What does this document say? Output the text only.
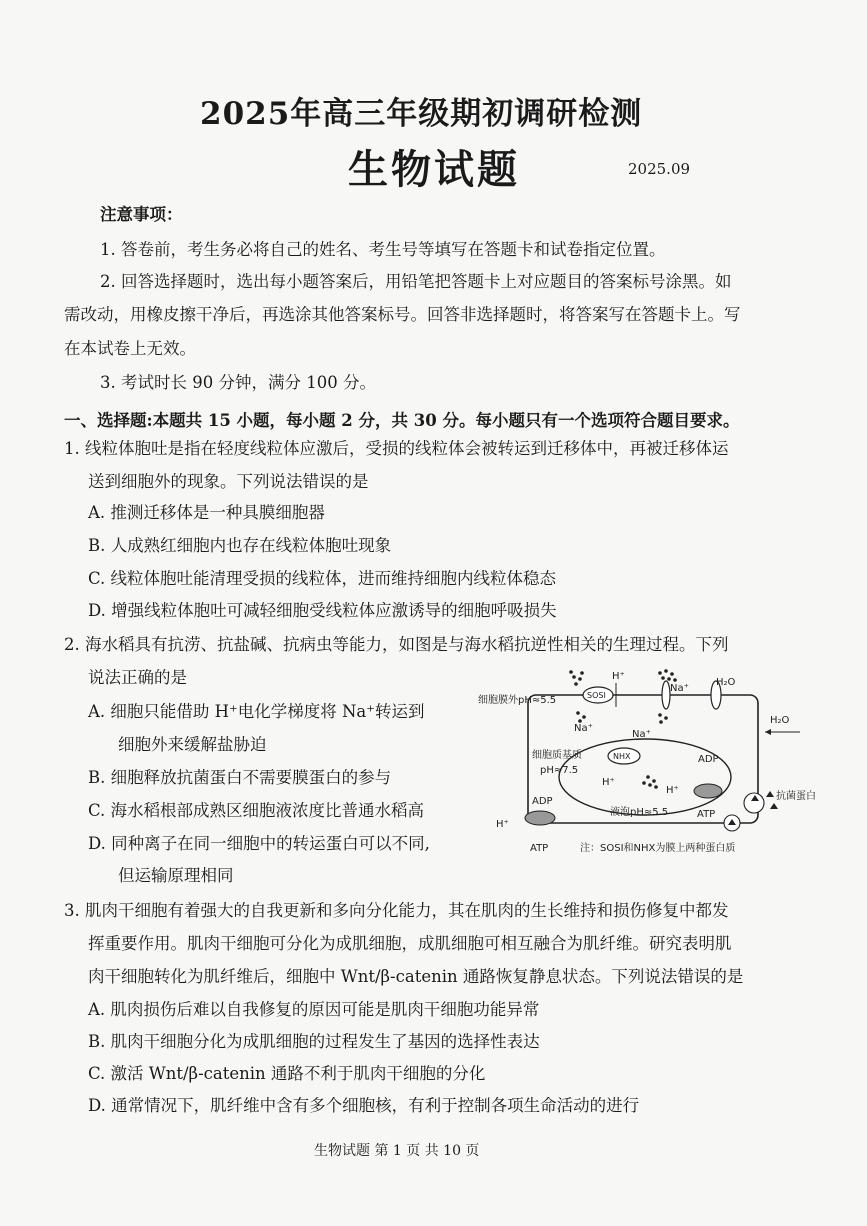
2025年高三年级期初调研检测
生物试题	2025.09
注意事项：
1. 答卷前，考生务必将自己的姓名、考生号等填写在答题卡和试卷指定位置。
2. 回答选择题时，选出每小题答案后，用铅笔把答题卡上对应题目的答案标号涂黑。如
需改动，用橡皮擦干净后，再选涂其他答案标号。回答非选择题时，将答案写在答题卡上。写
在本试卷上无效。
3. 考试时长 90 分钟，满分 100 分。
一、选择题:本题共 15 小题，每小题 2 分，共 30 分。每小题只有一个选项符合题目要求。
1. 线粒体胞吐是指在轻度线粒体应激后，受损的线粒体会被转运到迁移体中，再被迁移体运
送到细胞外的现象。下列说法错误的是
A. 推测迁移体是一种具膜细胞器
B. 人成熟红细胞内也存在线粒体胞吐现象
C. 线粒体胞吐能清理受损的线粒体，进而维持细胞内线粒体稳态
D. 增强线粒体胞吐可减轻细胞受线粒体应激诱导的细胞呼吸损失
2. 海水稻具有抗涝、抗盐碱、抗病虫等能力，如图是与海水稻抗逆性相关的生理过程。下列
说法正确的是
A. 细胞只能借助 H⁺电化学梯度将 Na⁺转运到
细胞外来缓解盐胁迫
B. 细胞释放抗菌蛋白不需要膜蛋白的参与
C. 海水稻根部成熟区细胞液浓度比普通水稻高
D. 同种离子在同一细胞中的转运蛋白可以不同,
但运输原理相同
细胞膜外pH≈5.5	SOSI
H⁺
Na⁺
Na⁺
Na⁺
H₂O
H₂O
细胞质基质
pH≈7.5
NHX
H⁺
ADP
ATP
H⁺
液泡pH≈5.5
ADP
ATP
H⁺
抗菌蛋白
注：SOSI和NHX为膜上两种蛋白质
3. 肌肉干细胞有着强大的自我更新和多向分化能力，其在肌肉的生长维持和损伤修复中都发
挥重要作用。肌肉干细胞可分化为成肌细胞，成肌细胞可相互融合为肌纤维。研究表明肌
肉干细胞转化为肌纤维后，细胞中 Wnt/β-catenin 通路恢复静息状态。下列说法错误的是
A. 肌肉损伤后难以自我修复的原因可能是肌肉干细胞功能异常
B. 肌肉干细胞分化为成肌细胞的过程发生了基因的选择性表达
C. 激活 Wnt/β-catenin 通路不利于肌肉干细胞的分化
D. 通常情况下，肌纤维中含有多个细胞核，有利于控制各项生命活动的进行
生物试题 第 1 页 共 10 页
